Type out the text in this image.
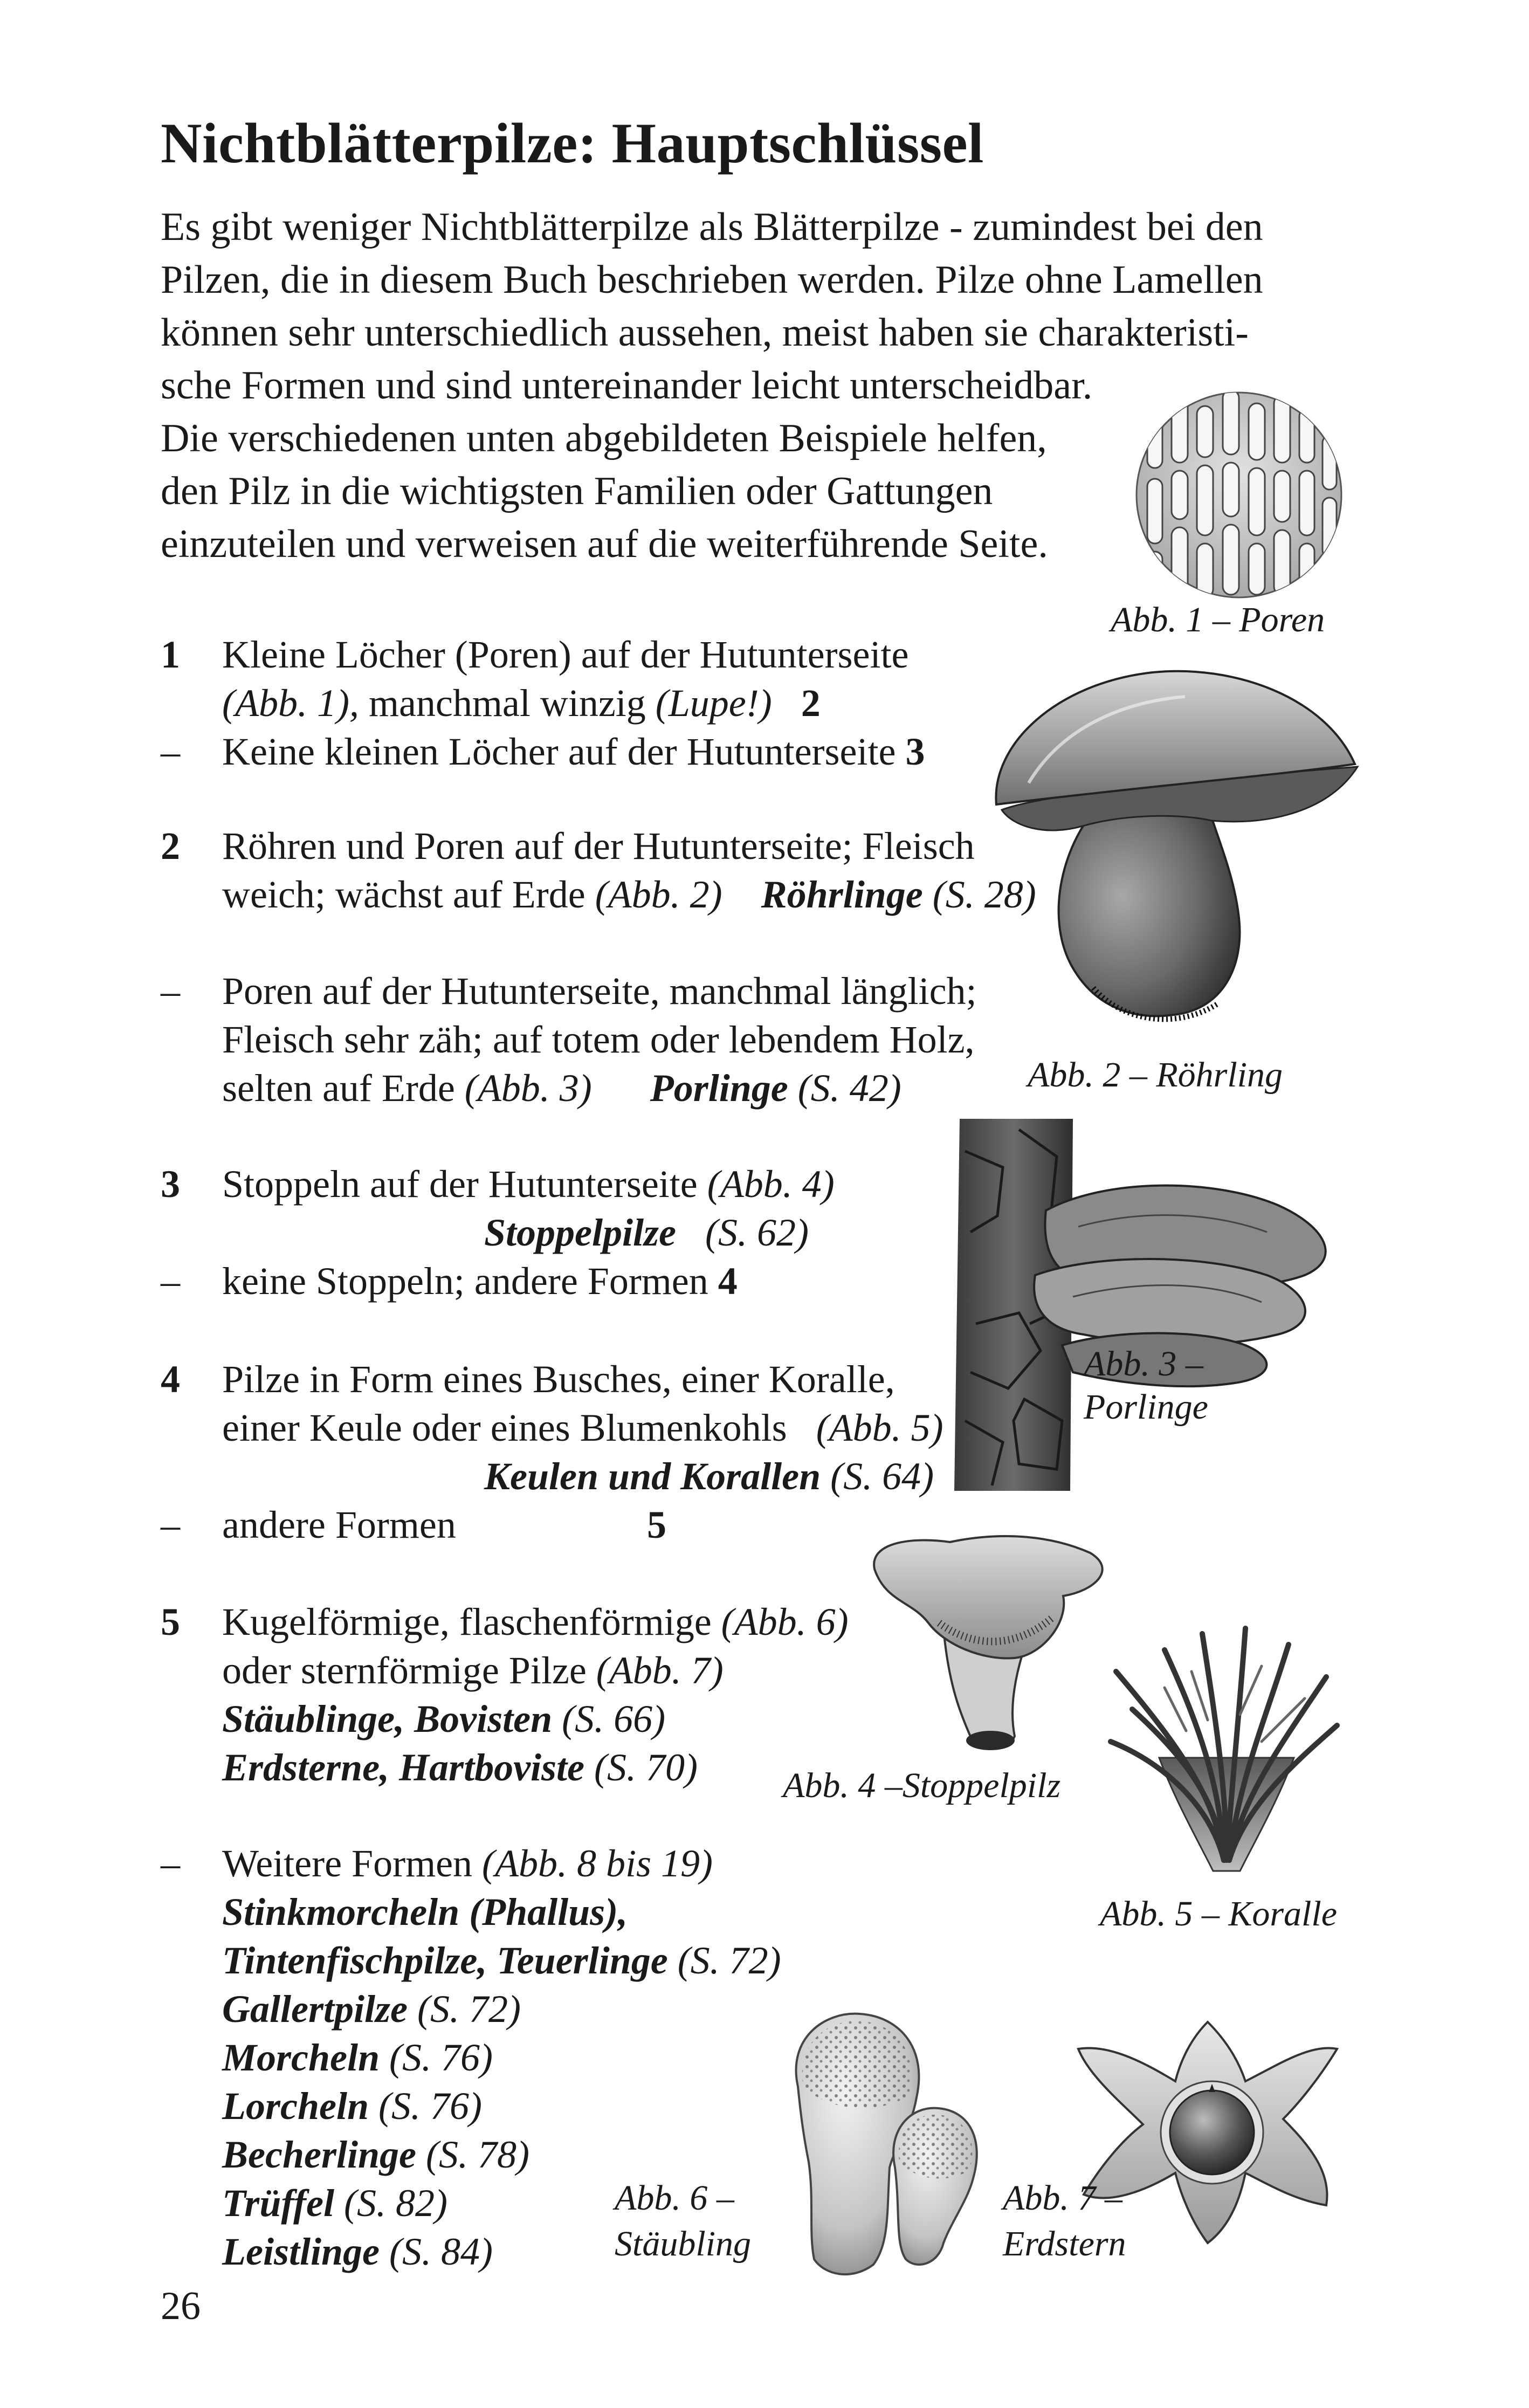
Nichtblätterpilze: Hauptschlüssel
Es gibt weniger Nichtblätterpilze als Blätterpilze - zumindest bei den
Pilzen, die in diesem Buch beschrieben werden. Pilze ohne Lamellen
können sehr unterschiedlich aussehen, meist haben sie charakteristi-
sche Formen und sind untereinander leicht unterscheidbar.
Die verschiedenen unten abgebildeten Beispiele helfen,
den Pilz in die wichtigsten Familien oder Gattungen
einzuteilen und verweisen auf die weiterführende Seite.
1 Kleine Löcher (Poren) auf der Hutunterseite
(Abb. 1), manchmal winzig (Lupe!) 2
– Keine kleinen Löcher auf der Hutunterseite 3
2 Röhren und Poren auf der Hutunterseite; Fleisch
weich; wächst auf Erde (Abb. 2) Röhrlinge (S. 28)
– Poren auf der Hutunterseite, manchmal länglich;
Fleisch sehr zäh; auf totem oder lebendem Holz,
selten auf Erde (Abb. 3) Porlinge (S. 42)
3 Stoppeln auf der Hutunterseite (Abb. 4)
Stoppelpilze (S. 62)
– keine Stoppeln; andere Formen 4
4 Pilze in Form eines Busches, einer Koralle,
einer Keule oder eines Blumenkohls   (Abb. 5)
Keulen und Korallen (S. 64)
– andere Formen	5
5 Kugelförmige, flaschenförmige (Abb. 6)
oder sternförmige Pilze (Abb. 7)
Stäublinge, Bovisten (S. 66)
Erdsterne, Hartboviste (S. 70)
– Weitere Formen (Abb. 8 bis 19)
Stinkmorcheln (Phallus),
Tintenfischpilze, Teuerlinge (S. 72)
Gallertpilze (S. 72)
Morcheln (S. 76)
Lorcheln (S. 76)
Becherlinge (S. 78)
Trüffel (S. 82)
Leistlinge (S. 84)
Abb. 1 – Poren
Abb. 2 – Röhrling
Abb. 3 –
Porlinge
Abb. 4 –Stoppelpilz
Abb. 5 – Koralle
Abb. 6 –
Stäubling
Abb. 7 –
Erdstern
26
